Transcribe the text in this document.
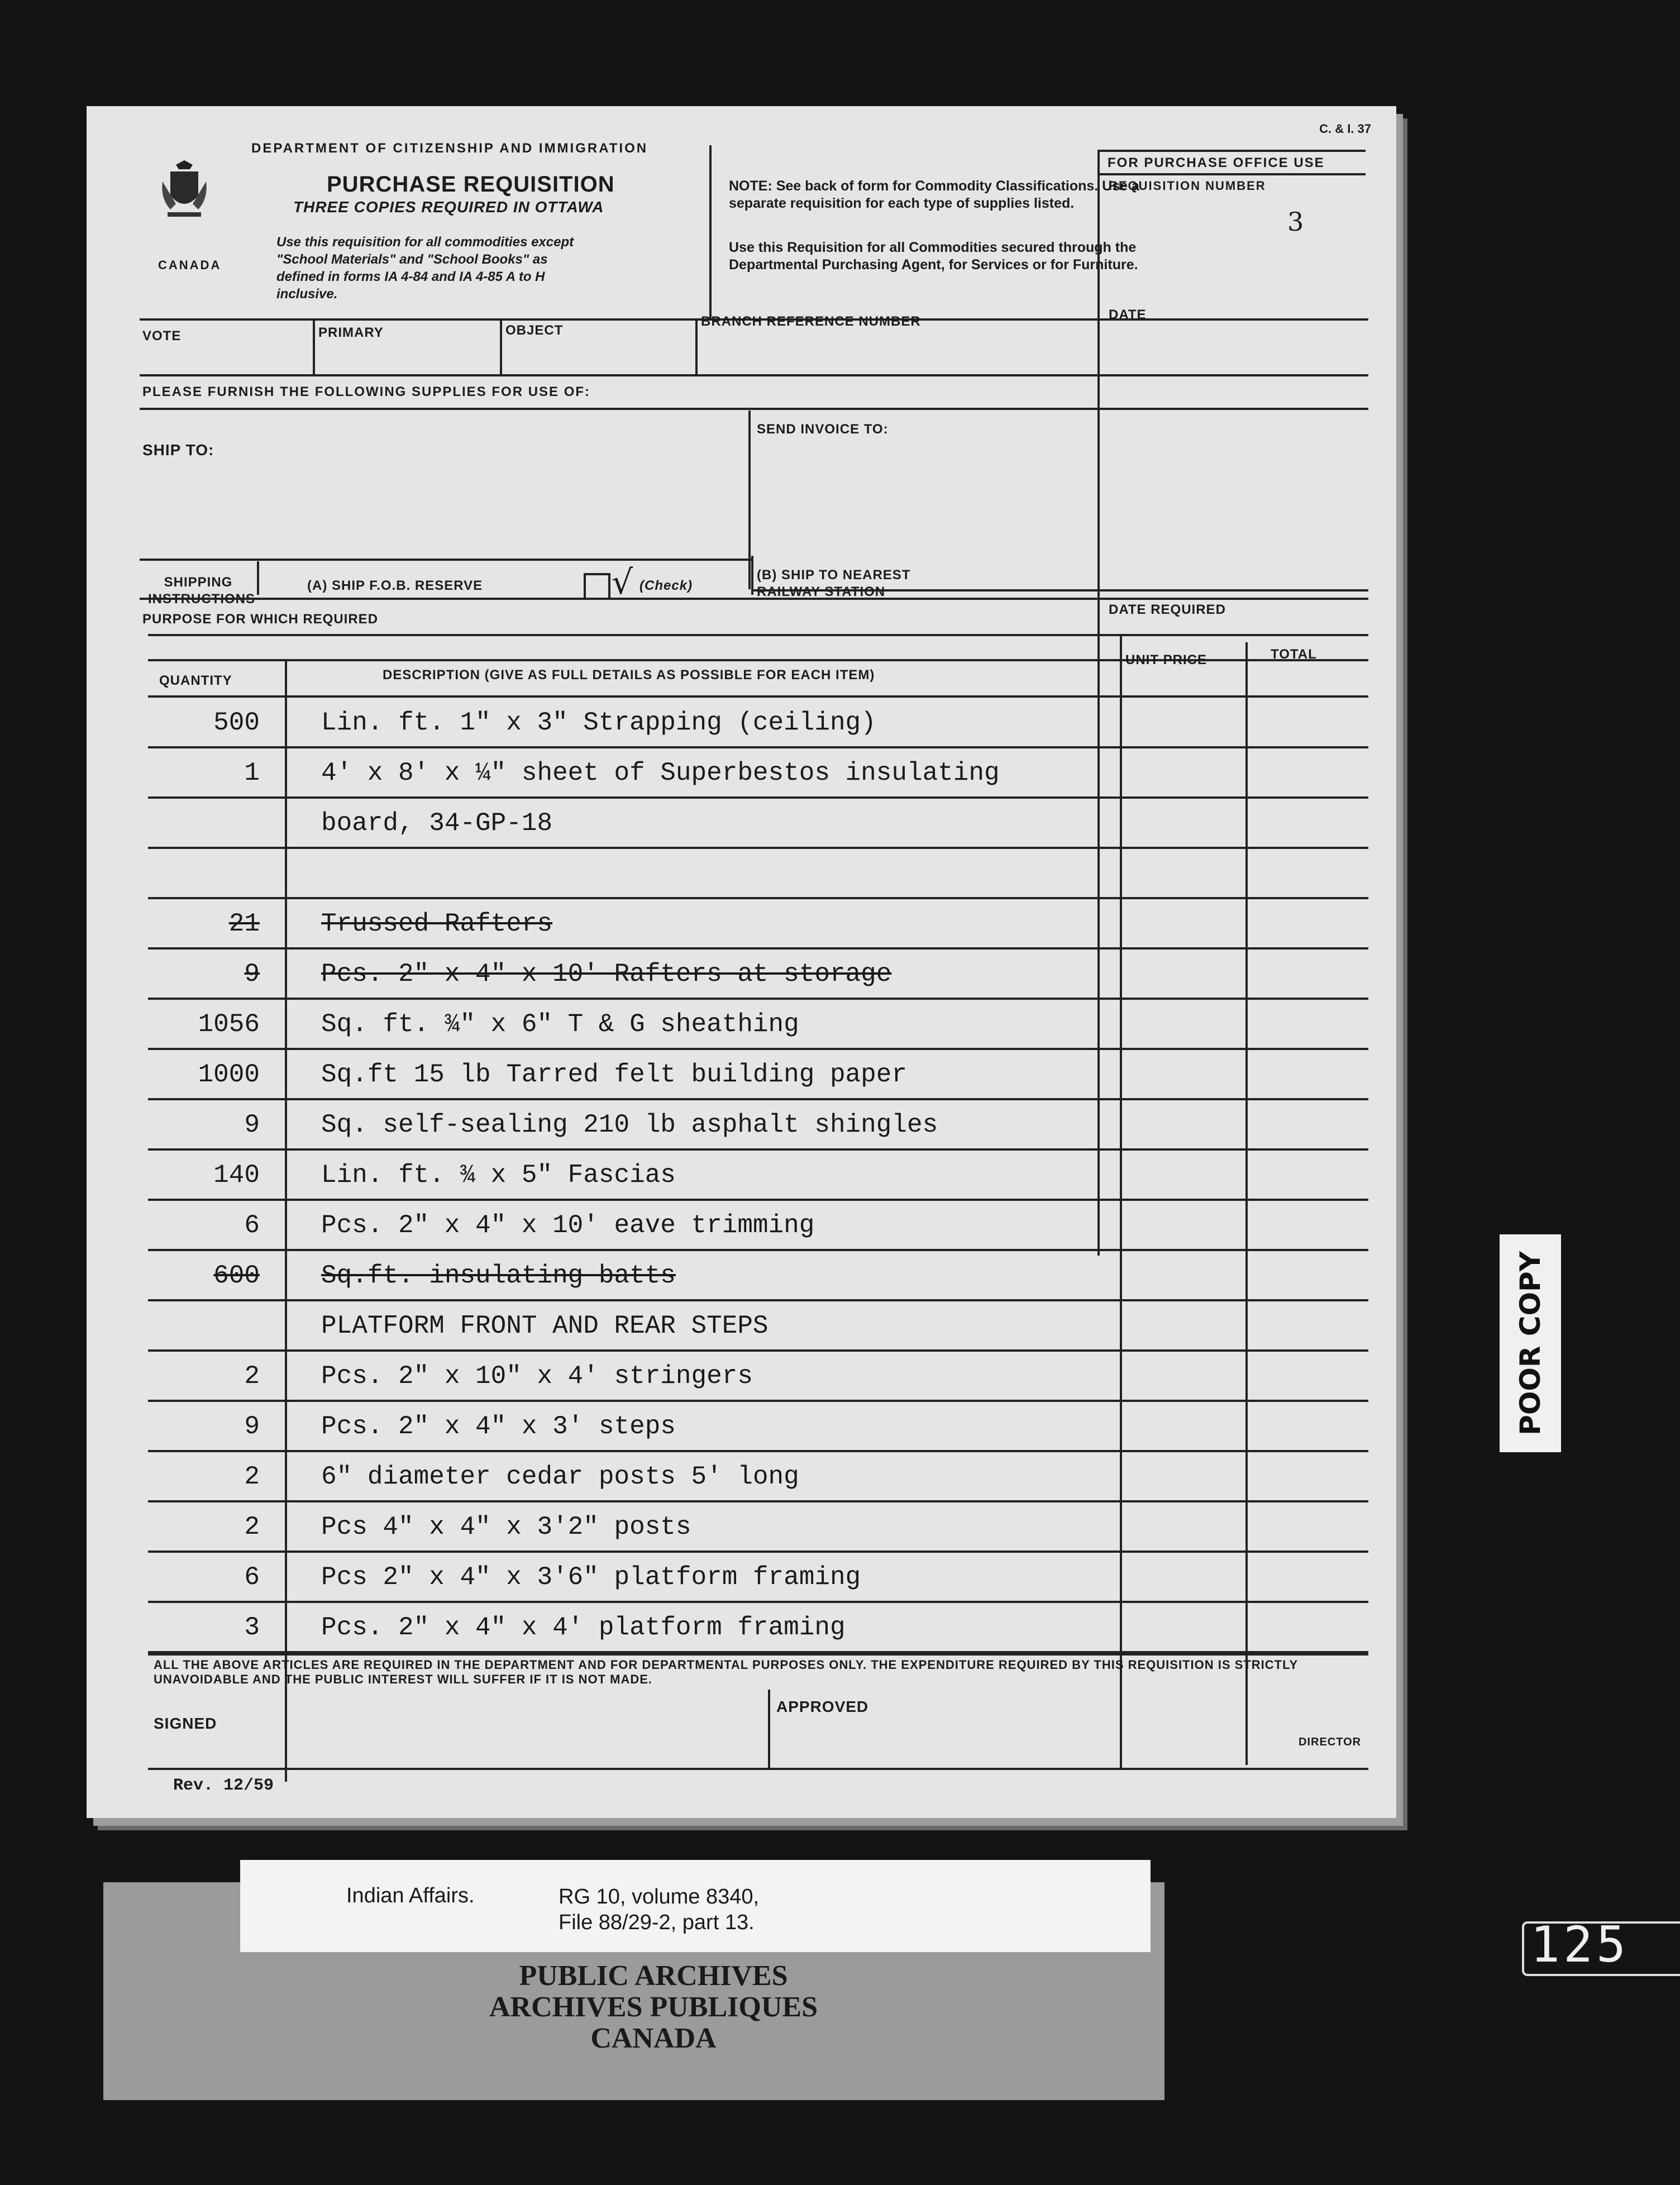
CANADA
DEPARTMENT OF CITIZENSHIP AND IMMIGRATION
PURCHASE REQUISITION
THREE COPIES REQUIRED IN OTTAWA
Use this requisition for all commodities except "School Materials" and "School Books" as defined in forms IA 4-84 and IA 4-85 A to H inclusive.
NOTE: See back of form for Commodity Classifications. Use a separate requisition for each type of supplies listed.
Use this Requisition for all Commodities secured through the Departmental Purchasing Agent, for Services or for Furniture.
C. & I. 37
FOR PURCHASE OFFICE USE
REQUISITION NUMBER
3
VOTE	PRIMARY	OBJECT
BRANCH REFERENCE NUMBER	DATE
PLEASE FURNISH THE FOLLOWING SUPPLIES FOR USE OF:
SHIP TO:
SEND INVOICE TO:
SHIPPING INSTRUCTIONS
(A) SHIP F.O.B. RESERVE	√ (Check)
(B) SHIP TO NEAREST RAILWAY STATION
PURPOSE FOR WHICH REQUIRED
DATE REQUIRED
QUANTITY	DESCRIPTION (GIVE AS FULL DETAILS AS POSSIBLE FOR EACH ITEM)
UNIT PRICE	TOTAL
500 Lin. ft. 1" x 3" Strapping (ceiling)
1 4' x 8' x ¼" sheet of Superbestos insulating
board, 34-GP-18
21 Trussed Rafters
9 Pcs. 2" x 4" x 10' Rafters at storage
1056 Sq. ft. ¾" x 6" T & G sheathing
1000 Sq.ft 15 lb Tarred felt building paper
9 Sq. self-sealing 210 lb asphalt shingles
140 Lin. ft. ¾ x 5" Fascias
6 Pcs. 2" x 4" x 10' eave trimming
600 Sq.ft. insulating batts
PLATFORM FRONT AND REAR STEPS
2 Pcs. 2" x 10" x 4' stringers
9 Pcs. 2" x 4" x 3' steps
2 6" diameter cedar posts 5' long
2 Pcs 4" x 4" x 3'2" posts
6 Pcs 2" x 4" x 3'6" platform framing
3 Pcs. 2" x 4" x 4' platform framing
ALL THE ABOVE ARTICLES ARE REQUIRED IN THE DEPARTMENT AND FOR DEPARTMENTAL PURPOSES ONLY. THE EXPENDITURE REQUIRED BY THIS REQUISITION IS STRICTLY UNAVOIDABLE AND THE PUBLIC INTEREST WILL SUFFER IF IT IS NOT MADE.
SIGNED
APPROVED
DIRECTOR
Rev. 12/59
Indian Affairs.	RG 10, volume 8340,
File 88/29-2, part 13.
PUBLIC ARCHIVES
ARCHIVES PUBLIQUES
CANADA
POOR COPY
125
